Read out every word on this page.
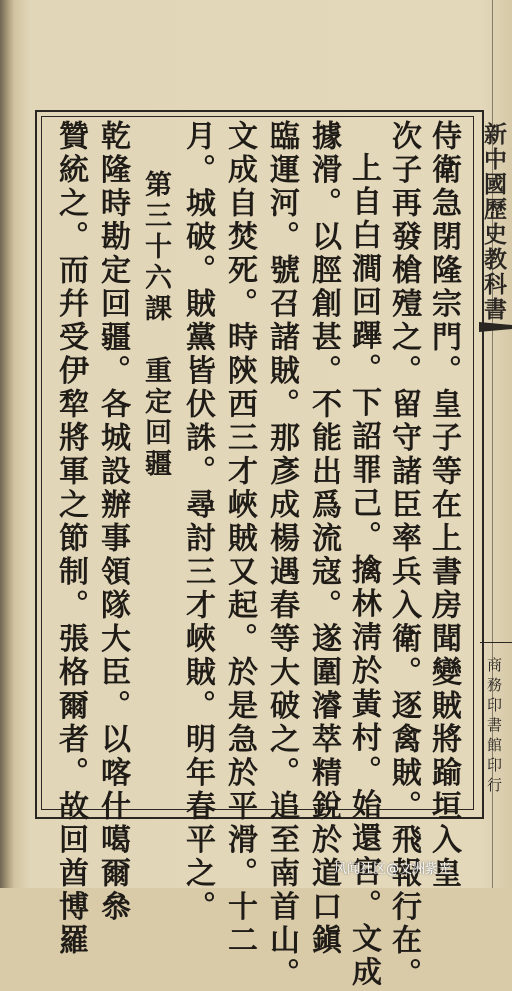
新中國歷史教科書
商務印書館印行
侍衛急閉隆宗門。皇子等在上書房聞變賊將踰垣入皇
次子再發槍殪之。留守諸臣率兵入衛。逐禽賊。飛報行在。
上自白澗回蹕。下詔罪己。擒林淸於黃村。始還宮。文成
據滑。以脛創甚。不能出爲流寇。遂圍濬萃精銳於道口鎭
臨運河。號召諸賊。那彥成楊遇春等大破之。追至南首山。
文成自焚死。時陝西三才峽賊又起。於是急於平滑。十二
月。城破。賊黨皆伏誅。尋討三才峽賊。明年春平之。
第三十六課　重定回疆
乾隆時勘定回疆。各城設辦事領隊大臣。以喀什噶爾叅
贊統之。而幷受伊犂將軍之節制。張格爾者。故回酋博羅	风闻社区@文洲紫光
